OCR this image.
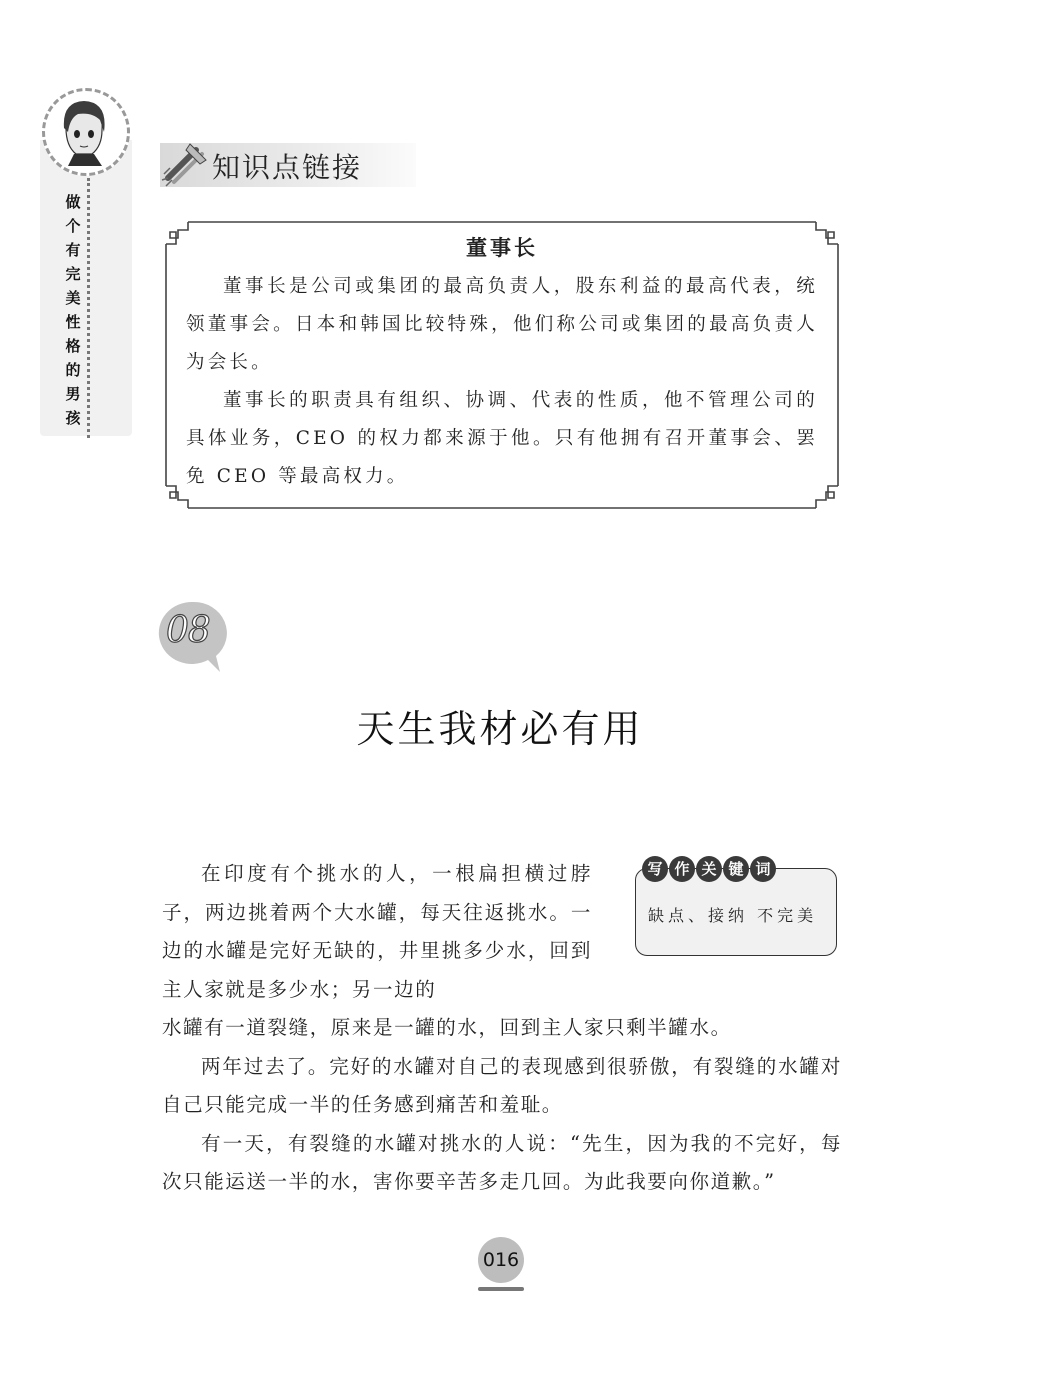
做
个
有
完
美
性
格
的
男
孩
知识点链接
董事长

董事长是公司或集团的最高负责人，股东利益的最高代表，统领董事会。日本和韩国比较特殊，他们称公司或集团的最高负责人为会长。

董事长的职责具有组织、协调、代表的性质，他不管理公司的具体业务，CEO 的权力都来源于他。只有他拥有召开董事会、罢免 CEO 等最高权力。

08
天生我材必有用
写 作 关 键 词
缺点、接纳 不完美

在印度有个挑水的人，一根扁担横过脖子，两边挑着两个大水罐，每天往返挑水。一边的水罐是完好无缺的，井里挑多少水，回到主人家就是多少水；另一边的

水罐有一道裂缝，原来是一罐的水，回到主人家只剩半罐水。

两年过去了。完好的水罐对自己的表现感到很骄傲，有裂缝的水罐对自己只能完成一半的任务感到痛苦和羞耻。

有一天，有裂缝的水罐对挑水的人说：“先生，因为我的不完好，每次只能运送一半的水，害你要辛苦多走几回。为此我要向你道歉。”

016
